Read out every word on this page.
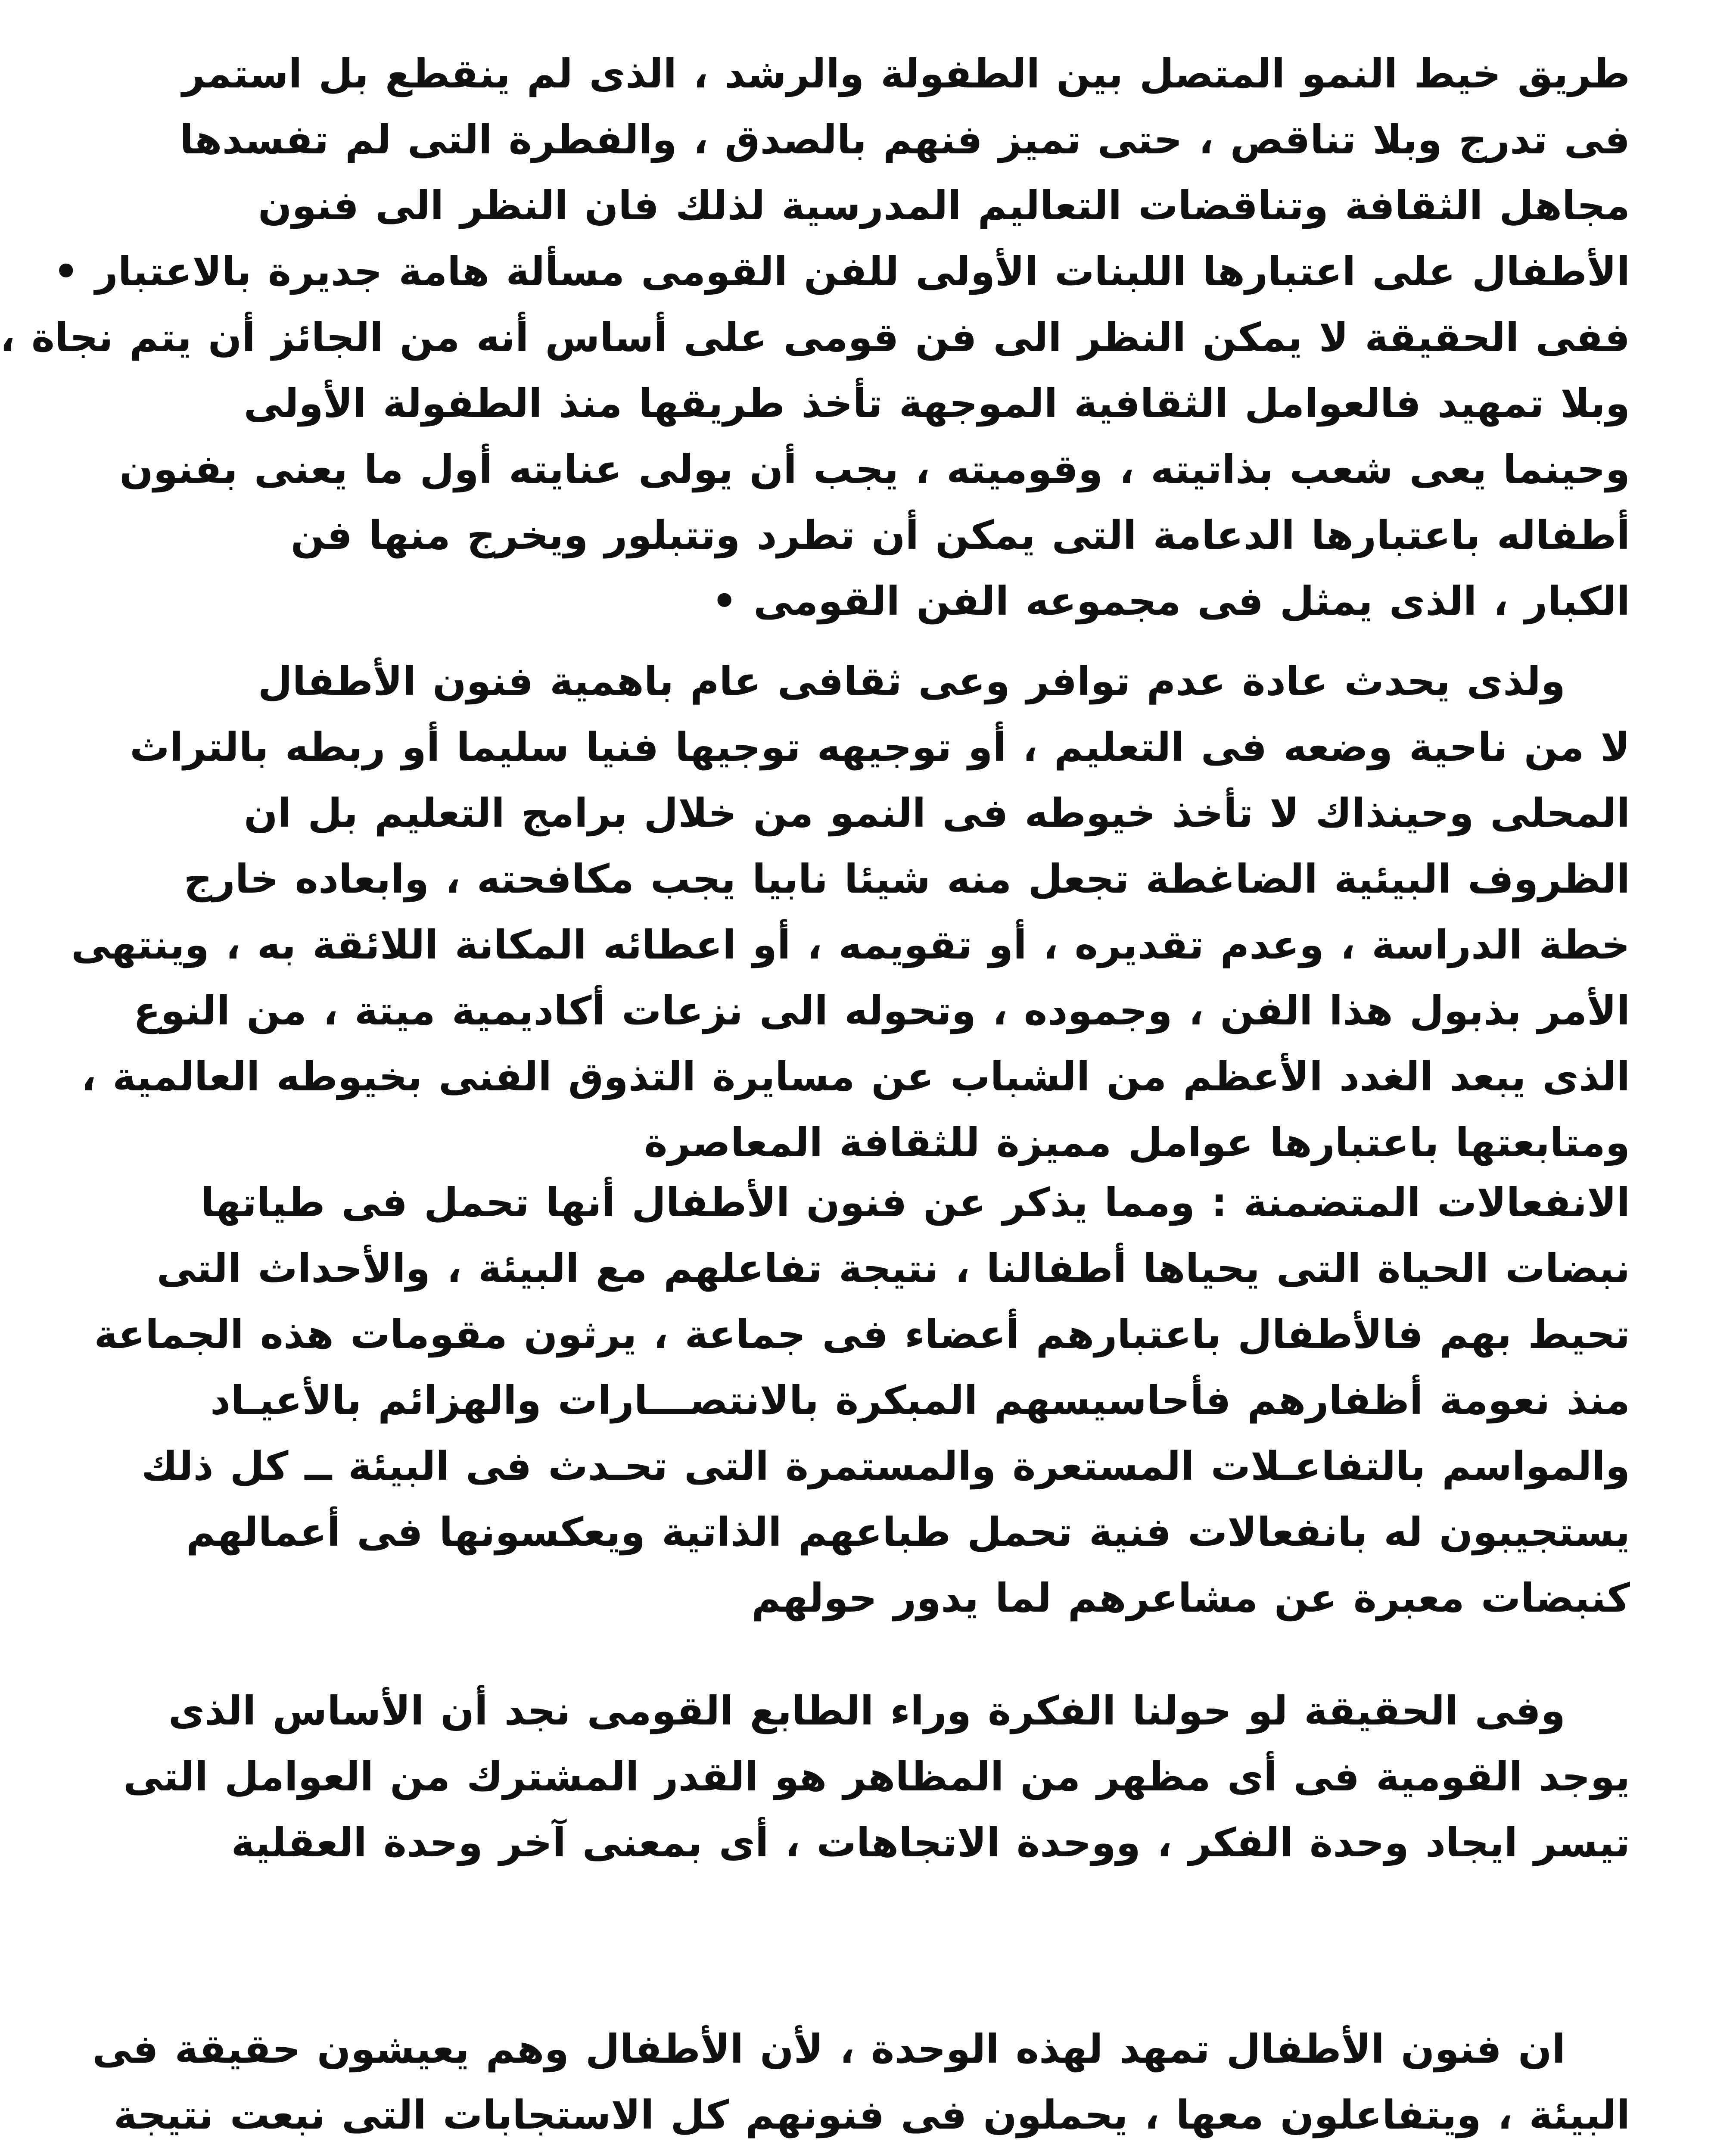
طريق خيط النمو المتصل بين الطفولة والرشد ، الذى لم ينقطع بل استمر
فى تدرج وبلا تناقص ، حتى تميز فنهم بالصدق ، والفطرة التى لم تفسدها
مجاهل الثقافة وتناقضات التعاليم المدرسية لذلك فان النظر الى فنون
الأطفال على اعتبارها اللبنات الأولى للفن القومى مسألة هامة جديرة بالاعتبار •
ففى الحقيقة لا يمكن النظر الى فن قومى على أساس أنه من الجائز أن يتم نجاة ،
وبلا تمهيد فالعوامل الثقافية الموجهة تأخذ طريقها منذ الطفولة الأولى
وحينما يعى شعب بذاتيته ، وقوميته ، يجب أن يولى عنايته أول ما يعنى بفنون
أطفاله باعتبارها الدعامة التى يمكن أن تطرد وتتبلور ويخرج منها فن
الكبار ، الذى يمثل فى مجموعه الفن القومى •
ولذى يحدث عادة عدم توافر وعى ثقافى عام باهمية فنون الأطفال
لا من ناحية وضعه فى التعليم ، أو توجيهه توجيها فنيا سليما أو ربطه بالتراث
المحلى وحينذاك لا تأخذ خيوطه فى النمو من خلال برامج التعليم بل ان
الظروف البيئية الضاغطة تجعل منه شيئا نابيا يجب مكافحته ، وابعاده خارج
خطة الدراسة ، وعدم تقديره ، أو تقويمه ، أو اعطائه المكانة اللائقة به ، وينتهى
الأمر بذبول هذا الفن ، وجموده ، وتحوله الى نزعات أكاديمية ميتة ، من النوع
الذى يبعد الغدد الأعظم من الشباب عن مسايرة التذوق الفنى بخيوطه العالمية ،
ومتابعتها باعتبارها عوامل مميزة للثقافة المعاصرة
الانفعالات المتضمنة : ومما يذكر عن فنون الأطفال أنها تحمل فى طياتها
نبضات الحياة التى يحياها أطفالنا ، نتيجة تفاعلهم مع البيئة ، والأحداث التى
تحيط بهم فالأطفال باعتبارهم أعضاء فى جماعة ، يرثون مقومات هذه الجماعة
منذ نعومة أظفارهم فأحاسيسهم المبكرة بالانتصـــارات والهزائم بالأعيـاد
والمواسم بالتفاعـلات المستعرة والمستمرة التى تحـدث فى البيئة ــ كل ذلك
يستجيبون له بانفعالات فنية تحمل طباعهم الذاتية ويعكسونها فى أعمالهم
كنبضات معبرة عن مشاعرهم لما يدور حولهم
وفى الحقيقة لو حولنا الفكرة وراء الطابع القومى نجد أن الأساس الذى
يوجد القومية فى أى مظهر من المظاهر هو القدر المشترك من العوامل التى
تيسر ايجاد وحدة الفكر ، ووحدة الاتجاهات ، أى بمعنى آخر وحدة العقلية
ان فنون الأطفال تمهد لهذه الوحدة ، لأن الأطفال وهم يعيشون حقيقة فى
البيئة ، ويتفاعلون معها ، يحملون فى فنونهم كل الاستجابات التى نبعت نتيجة
